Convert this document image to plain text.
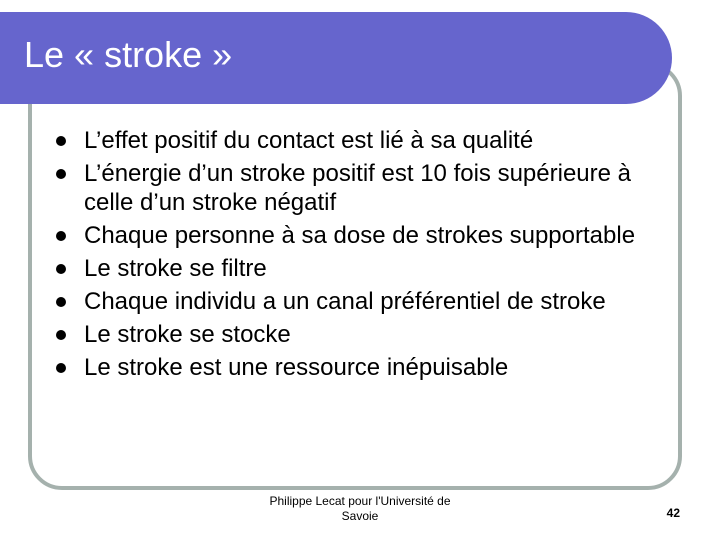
Le « stroke »
L’effet positif du contact est lié à sa qualité
L’énergie d’un stroke positif est 10 fois supérieure à celle d’un stroke négatif
Chaque personne à sa dose de strokes supportable
Le stroke se filtre
Chaque individu a un canal préférentiel de stroke
Le stroke se stocke
Le stroke est une ressource inépuisable
Philippe Lecat pour l'Université de Savoie	42
